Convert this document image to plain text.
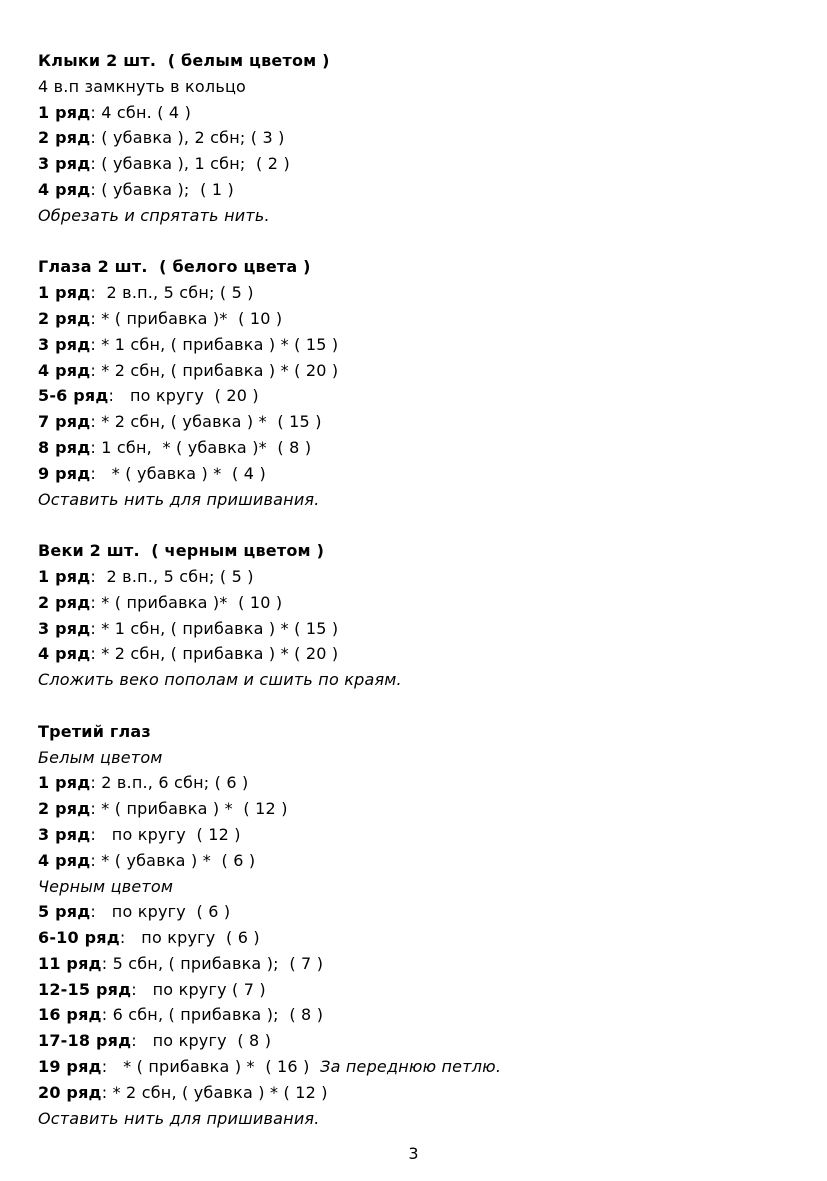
Клыки 2 шт.  ( белым цветом )
4 в.п замкнуть в кольцо
1 ряд: 4 сбн. ( 4 )
2 ряд: ( убавка ), 2 сбн; ( 3 )
3 ряд: ( убавка ), 1 сбн;  ( 2 )
4 ряд: ( убавка );  ( 1 )
Обрезать и спрятать нить.
Глаза 2 шт.  ( белого цвета )
1 ряд:  2 в.п., 5 сбн; ( 5 )
2 ряд: * ( прибавка )*  ( 10 )
3 ряд: * 1 сбн, ( прибавка ) * ( 15 )
4 ряд: * 2 сбн, ( прибавка ) * ( 20 )
5-6 ряд:   по кругу  ( 20 )
7 ряд: * 2 сбн, ( убавка ) *  ( 15 )
8 ряд: 1 сбн,  * ( убавка )*  ( 8 )
9 ряд:   * ( убавка ) *  ( 4 )
Оставить нить для пришивания.
Веки 2 шт.  ( черным цветом )
1 ряд:  2 в.п., 5 сбн; ( 5 )
2 ряд: * ( прибавка )*  ( 10 )
3 ряд: * 1 сбн, ( прибавка ) * ( 15 )
4 ряд: * 2 сбн, ( прибавка ) * ( 20 )
Сложить веко пополам и сшить по краям.
Третий глаз
Белым цветом
1 ряд: 2 в.п., 6 сбн; ( 6 )
2 ряд: * ( прибавка ) *  ( 12 )
3 ряд:   по кругу  ( 12 )
4 ряд: * ( убавка ) *  ( 6 )
Черным цветом
5 ряд:   по кругу  ( 6 )
6-10 ряд:   по кругу  ( 6 )
11 ряд: 5 сбн, ( прибавка );  ( 7 )
12-15 ряд:   по кругу ( 7 )
16 ряд: 6 сбн, ( прибавка );  ( 8 )
17-18 ряд:   по кругу  ( 8 )
19 ряд:   * ( прибавка ) *  ( 16 )  За переднюю петлю.
20 ряд: * 2 сбн, ( убавка ) * ( 12 )
Оставить нить для пришивания.
3
